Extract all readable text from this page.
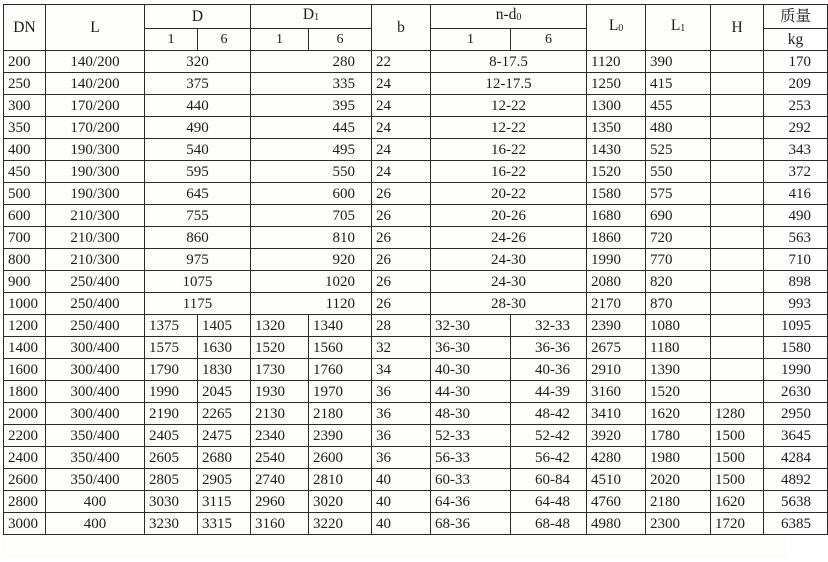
DN	L	D		D1		b	n-d0		L0	L1	H	质量
		1	6	1	6		1	6				kg
200	140/200	320		280		22	8-17.5		1120	390		170
250	140/200	375		335		24	12-17.5		1250	415		209
300	170/200	440		395		24	12-22		1300	455		253
350	170/200	490		445		24	12-22		1350	480		292
400	190/300	540		495		24	16-22		1430	525		343
450	190/300	595		550		24	16-22		1520	550		372
500	190/300	645		600		26	20-22		1580	575		416
600	210/300	755		705		26	20-26		1680	690		490
700	210/300	860		810		26	24-26		1860	720		563
800	210/300	975		920		26	24-30		1990	770		710
900	250/400	1075		1020		26	24-30		2080	820		898
1000	250/400	1175		1120		26	28-30		2170	870		993
1200	250/400	1375	1405	1320	1340	28	32-30	32-33	2390	1080		1095
1400	300/400	1575	1630	1520	1560	32	36-30	36-36	2675	1180		1580
1600	300/400	1790	1830	1730	1760	34	40-30	40-36	2910	1390		1990
1800	300/400	1990	2045	1930	1970	36	44-30	44-39	3160	1520		2630
2000	300/400	2190	2265	2130	2180	36	48-30	48-42	3410	1620	1280	2950
2200	350/400	2405	2475	2340	2390	36	52-33	52-42	3920	1780	1500	3645
2400	350/400	2605	2680	2540	2600	36	56-33	56-42	4280	1980	1500	4284
2600	350/400	2805	2905	2740	2810	40	60-33	60-84	4510	2020	1500	4892
2800	400	3030	3115	2960	3020	40	64-36	64-48	4760	2180	1620	5638
3000	400	3230	3315	3160	3220	40	68-36	68-48	4980	2300	1720	6385
